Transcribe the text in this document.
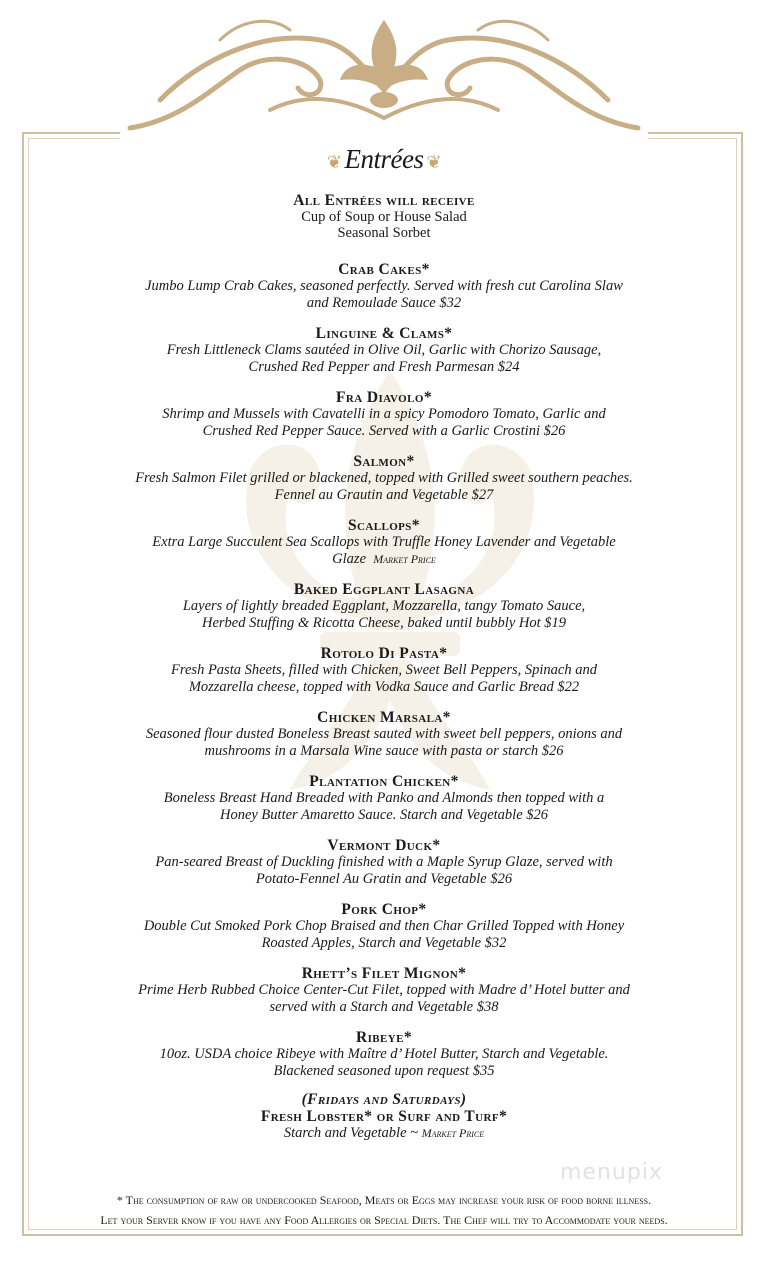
❦ Entrées ❦
All Entrées will receive
Cup of Soup or House Salad
Seasonal Sorbet
Crab Cakes*
Jumbo Lump Crab Cakes, seasoned perfectly. Served with fresh cut Carolina Slaw
and Remoulade Sauce $32
Linguine & Clams*
Fresh Littleneck Clams sautéed in Olive Oil, Garlic with Chorizo Sausage,
Crushed Red Pepper and Fresh Parmesan $24
Fra Diavolo*
Shrimp and Mussels with Cavatelli in a spicy Pomodoro Tomato, Garlic and
Crushed Red Pepper Sauce. Served with a Garlic Crostini $26
Salmon*
Fresh Salmon Filet grilled or blackened, topped with Grilled sweet southern peaches.
Fennel au Grautin and Vegetable $27
Scallops*
Extra Large Succulent Sea Scallops with Truffle Honey Lavender and Vegetable
Glaze Market Price
Baked Eggplant Lasagna
Layers of lightly breaded Eggplant, Mozzarella, tangy Tomato Sauce,
Herbed Stuffing & Ricotta Cheese, baked until bubbly Hot $19
Rotolo Di Pasta*
Fresh Pasta Sheets, filled with Chicken, Sweet Bell Peppers, Spinach and
Mozzarella cheese, topped with Vodka Sauce and Garlic Bread $22
Chicken Marsala*
Seasoned flour dusted Boneless Breast sauted with sweet bell peppers, onions and
mushrooms in a Marsala Wine sauce with pasta or starch $26
Plantation Chicken*
Boneless Breast Hand Breaded with Panko and Almonds then topped with a
Honey Butter Amaretto Sauce. Starch and Vegetable $26
Vermont Duck*
Pan-seared Breast of Duckling finished with a Maple Syrup Glaze, served with
Potato-Fennel Au Gratin and Vegetable $26
Pork Chop*
Double Cut Smoked Pork Chop Braised and then Char Grilled Topped with Honey
Roasted Apples, Starch and Vegetable $32
Rhett’s Filet Mignon*
Prime Herb Rubbed Choice Center-Cut Filet, topped with Madre d’ Hotel butter and
served with a Starch and Vegetable $38
Ribeye*
10oz. USDA choice Ribeye with Maître d’ Hotel Butter, Starch and Vegetable.
Blackened seasoned upon request $35
(Fridays and Saturdays)
Fresh Lobster* or Surf and Turf*
Starch and Vegetable ~ Market Price
menupix
* The consumption of raw or undercooked Seafood, Meats or Eggs may increase your risk of food borne illness.
Let your Server know if you have any Food Allergies or Special Diets. The Chef will try to Accommodate your needs.
